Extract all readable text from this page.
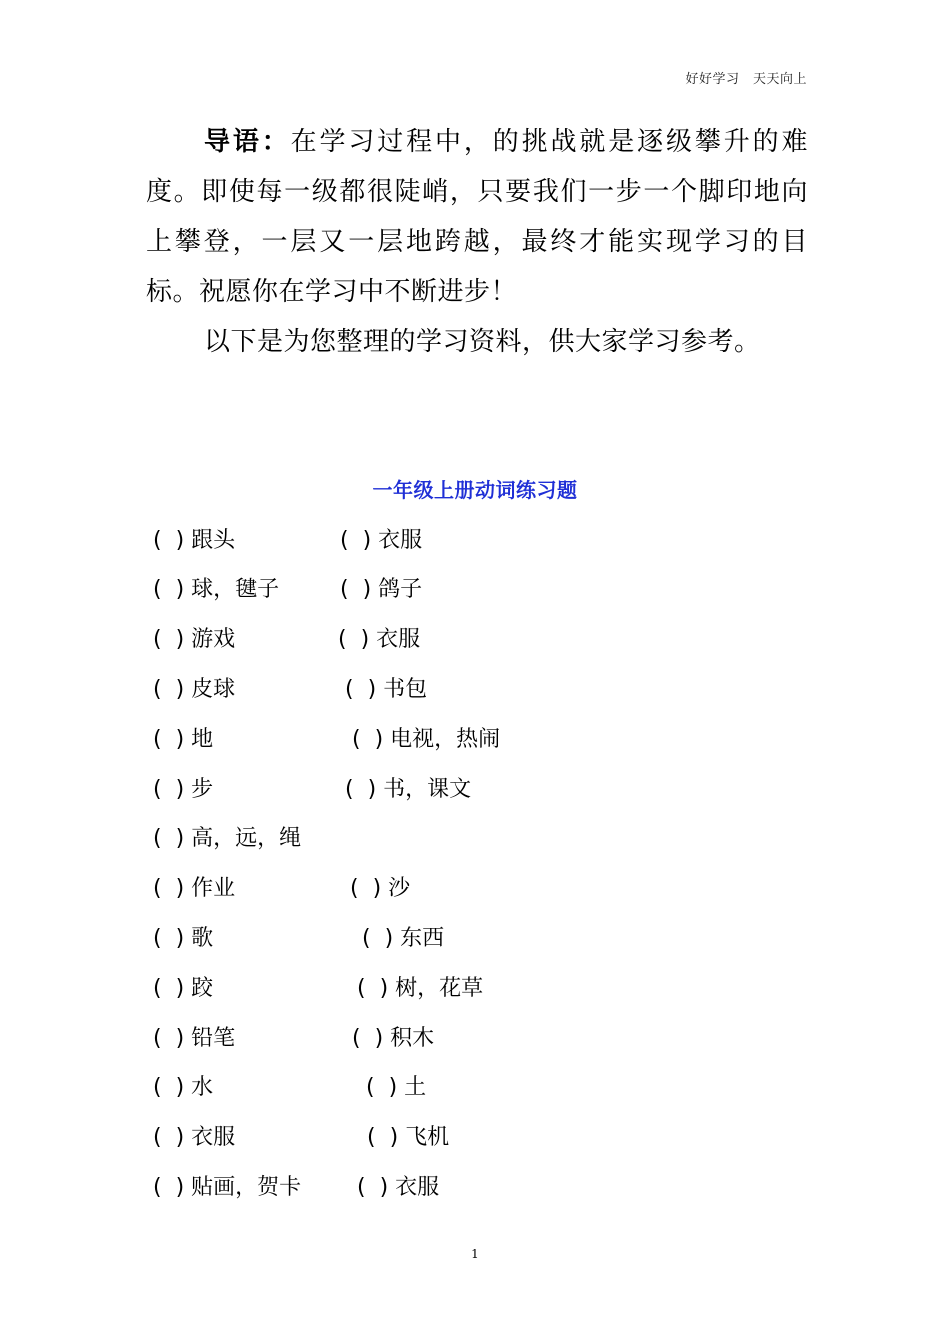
好好学习　天天向上

导语：在学习过程中，的挑战就是逐级攀升的难度。即使每一级都很陡峭，只要我们一步一个脚印地向上攀登，一层又一层地跨越，最终才能实现学习的目标。祝愿你在学习中不断进步！

以下是为您整理的学习资料，供大家学习参考。

一年级上册动词练习题
(  ) 跟头	(  ) 衣服
(  ) 球，毽子	(  ) 鸽子
(  ) 游戏	(  ) 衣服
(  ) 皮球	(  ) 书包
(  ) 地	(  ) 电视，热闹
(  ) 步	(  ) 书，课文
(  ) 高，远，绳
(  ) 作业	(  ) 沙
(  ) 歌	(  ) 东西
(  ) 跤	(  ) 树，花草
(  ) 铅笔	(  ) 积木
(  ) 水	(  ) 土
(  ) 衣服	(  ) 飞机
(  ) 贴画，贺卡	(  ) 衣服
1
